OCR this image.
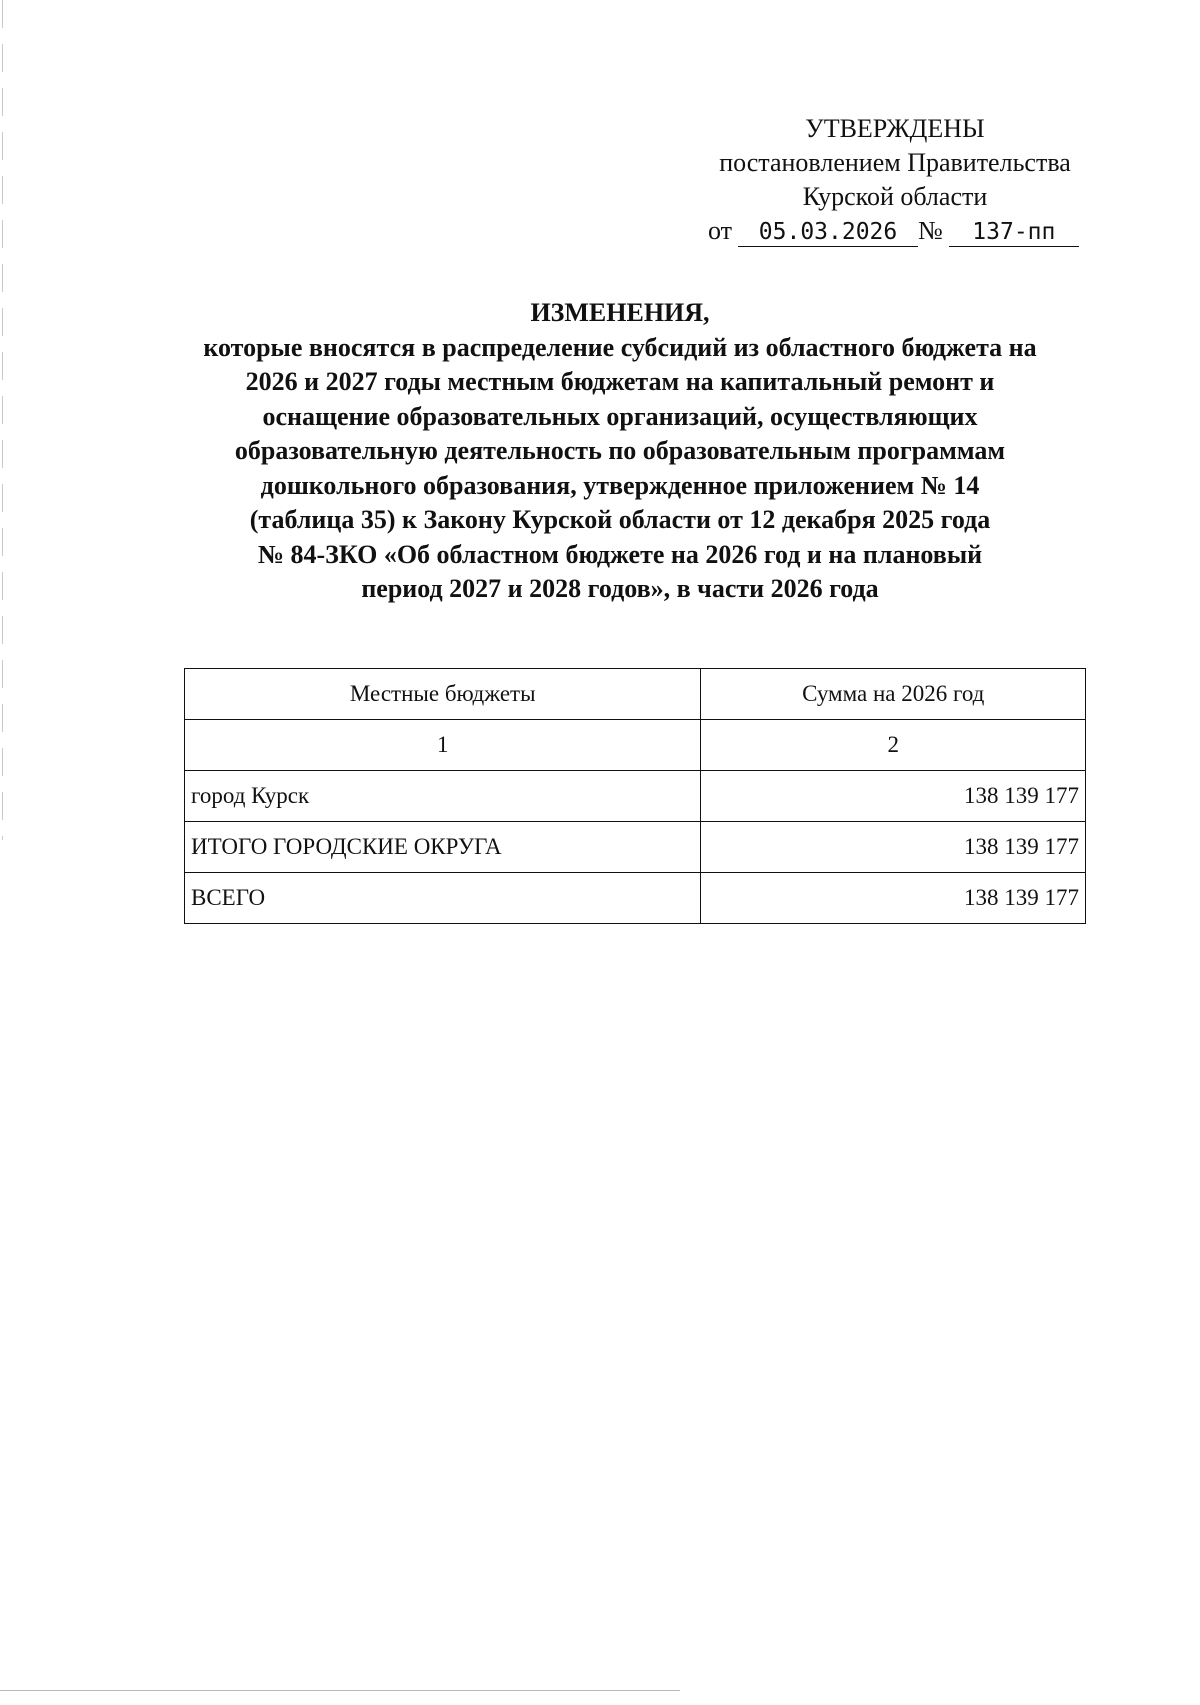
УТВЕРЖДЕНЫ
постановлением Правительства
Курской области
от 05.03.2026 № 137-пп
ИЗМЕНЕНИЯ,
которые вносятся в распределение субсидий из областного бюджета на
2026 и 2027 годы местным бюджетам на капитальный ремонт и
оснащение образовательных организаций, осуществляющих
образовательную деятельность по образовательным программам
дошкольного образования, утвержденное приложением № 14
(таблица 35) к Закону Курской области от 12 декабря 2025 года
№ 84-ЗКО «Об областном бюджете на 2026 год и на плановый
период 2027 и 2028 годов», в части 2026 года
Местные бюджеты	Сумма на 2026 год
1	2
город Курск	138 139 177
ИТОГО ГОРОДСКИЕ ОКРУГА	138 139 177
ВСЕГО	138 139 177
